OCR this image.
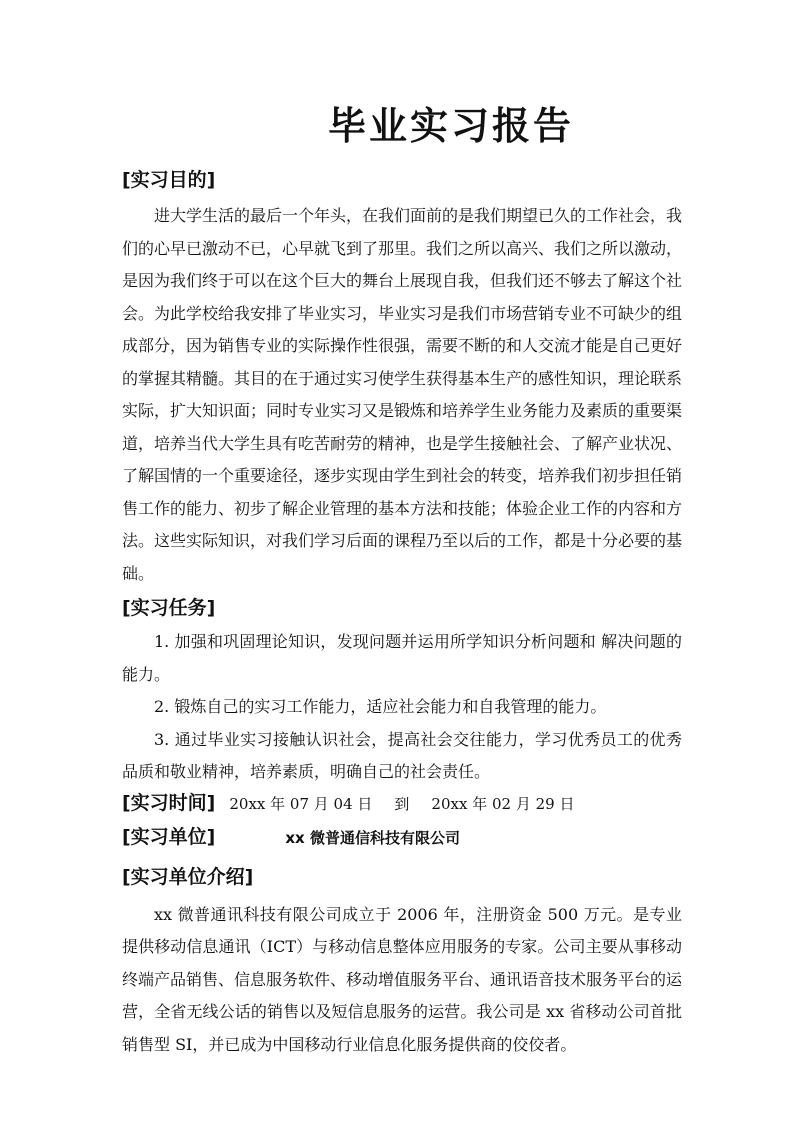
毕业实习报告
[实习目的]

进大学生活的最后一个年头，在我们面前的是我们期望已久的工作社会，我们的心早已激动不已，心早就飞到了那里。我们之所以高兴、我们之所以激动，是因为我们终于可以在这个巨大的舞台上展现自我，但我们还不够去了解这个社会。为此学校给我安排了毕业实习，毕业实习是我们市场营销专业不可缺少的组成部分，因为销售专业的实际操作性很强，需要不断的和人交流才能是自己更好的掌握其精髓。其目的在于通过实习使学生获得基本生产的感性知识，理论联系实际，扩大知识面；同时专业实习又是锻炼和培养学生业务能力及素质的重要渠道，培养当代大学生具有吃苦耐劳的精神，也是学生接触社会、了解产业状况、了解国情的一个重要途径，逐步实现由学生到社会的转变，培养我们初步担任销售工作的能力、初步了解企业管理的基本方法和技能；体验企业工作的内容和方法。这些实际知识，对我们学习后面的课程乃至以后的工作，都是十分必要的基础。

[实习任务]

1. 加强和巩固理论知识，发现问题并运用所学知识分析问题和 解决问题的能力。

2. 锻炼自己的实习工作能力，适应社会能力和自我管理的能力。

3. 通过毕业实习接触认识社会，提高社会交往能力，学习优秀员工的优秀品质和敬业精神，培养素质，明确自己的社会责任。

[实习时间] 20xx 年 07 月 04 日 到 20xx 年 02 月 29 日
[实习单位]	xx 微普通信科技有限公司
[实习单位介绍]

xx 微普通讯科技有限公司成立于 2006 年，注册资金 500 万元。是专业提供移动信息通讯（ICT）与移动信息整体应用服务的专家。公司主要从事移动终端产品销售、信息服务软件、移动增值服务平台、通讯语音技术服务平台的运营，全省无线公话的销售以及短信息服务的运营。我公司是 xx 省移动公司首批销售型 SI，并已成为中国移动行业信息化服务提供商的佼佼者。
